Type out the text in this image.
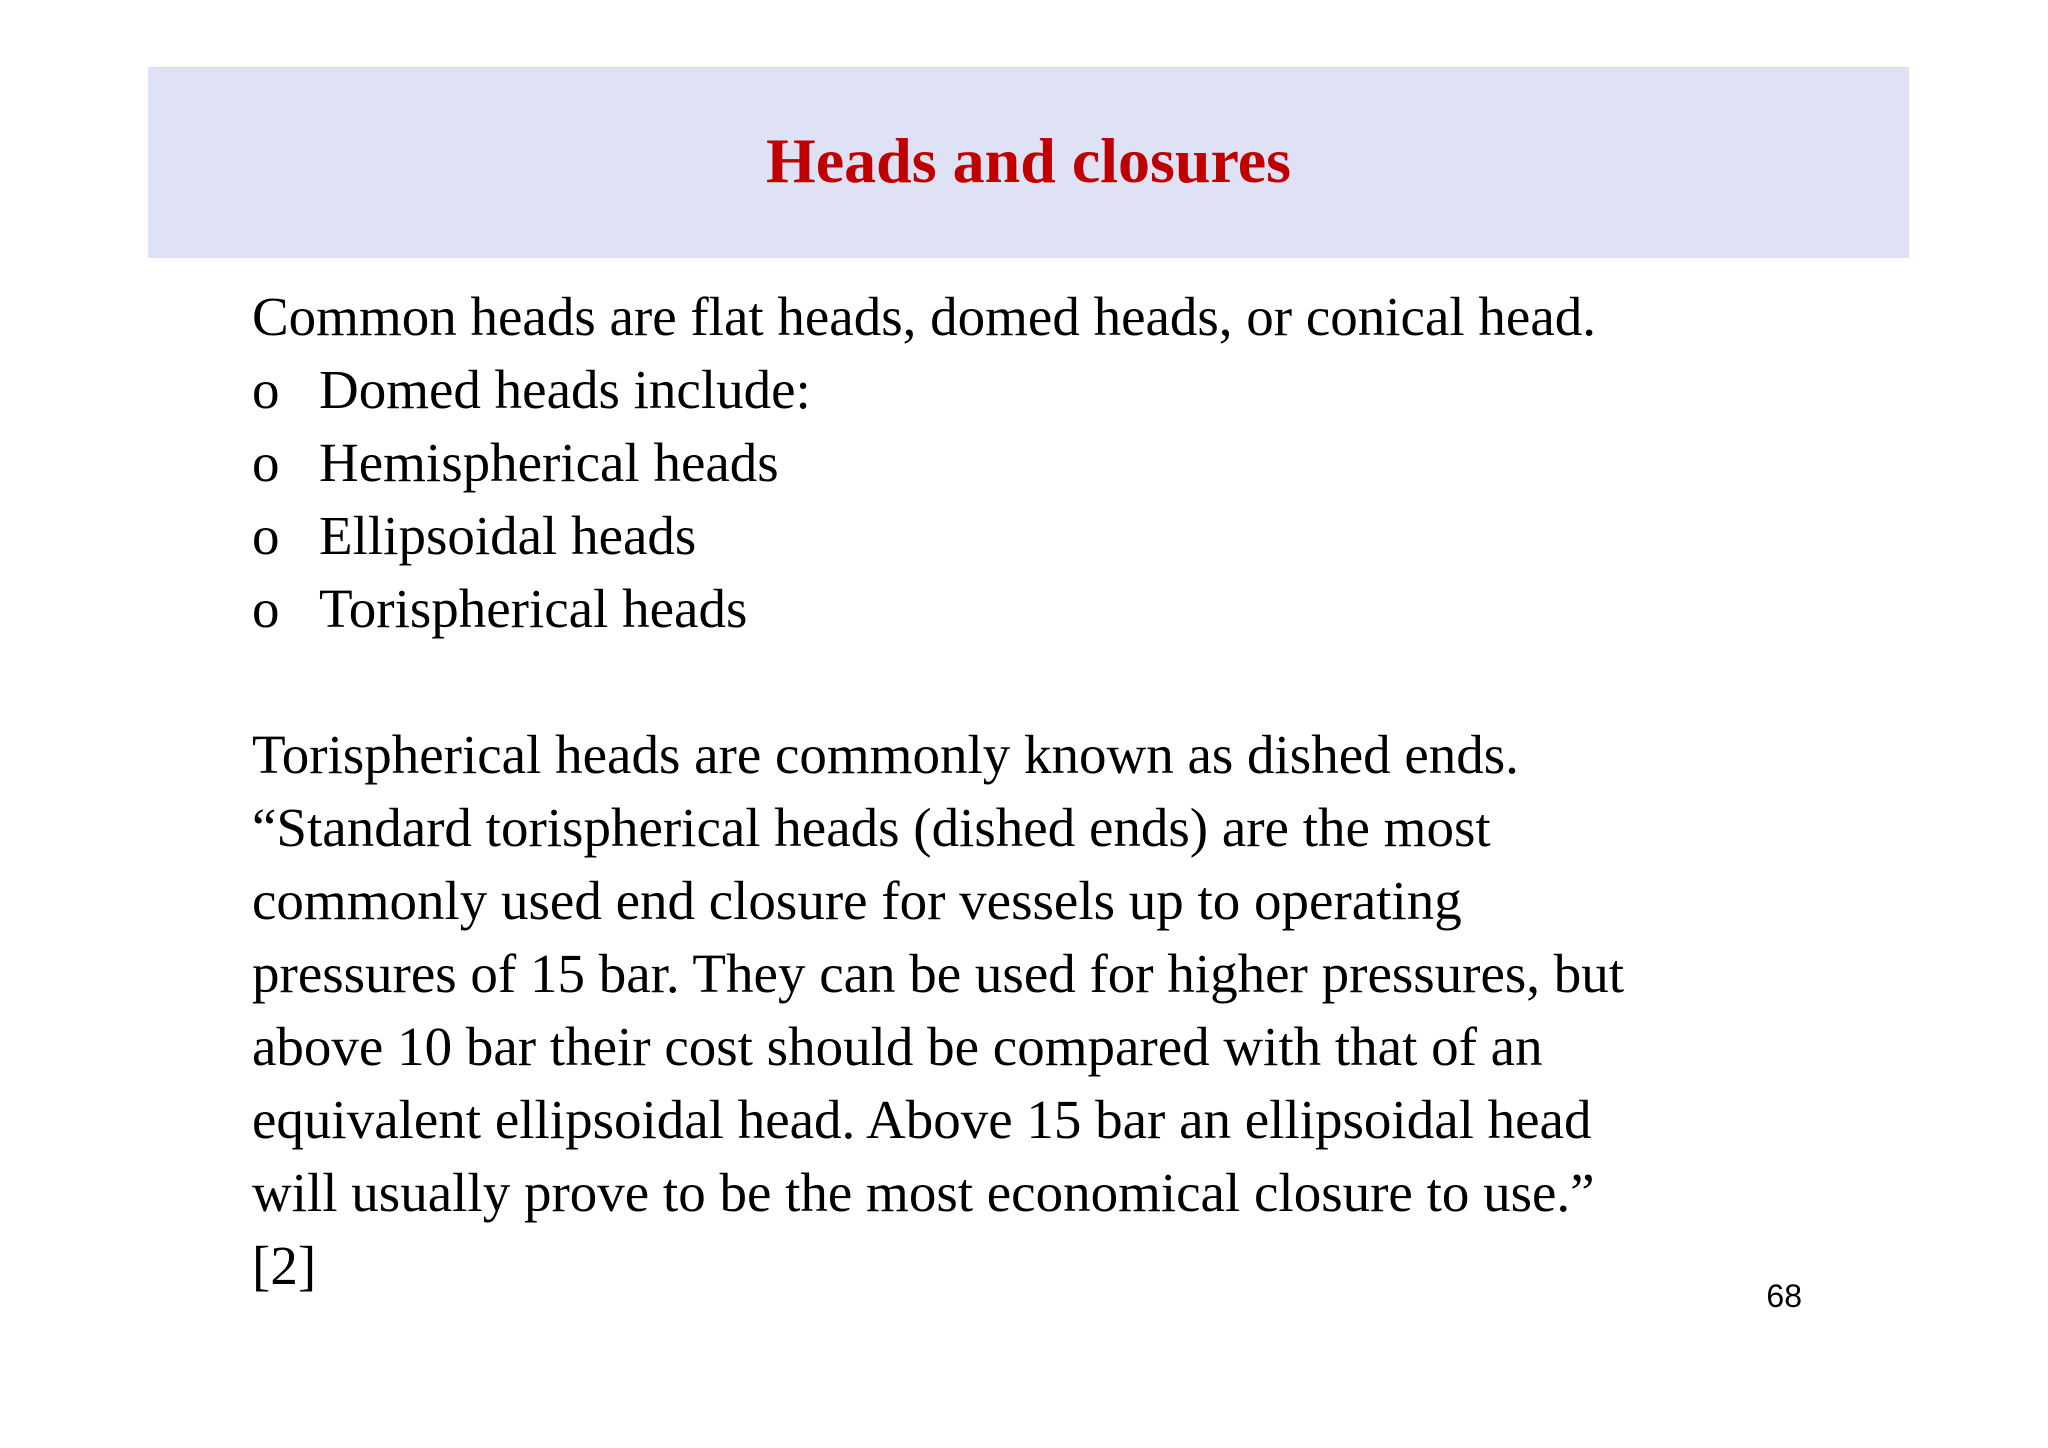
Heads and closures
Common heads are flat heads, domed heads, or conical head.
o Domed heads include:
o Hemispherical heads
o Ellipsoidal heads
o Torispherical heads
Torispherical heads are commonly known as dished ends.
“Standard torispherical heads (dished ends) are the most
commonly used end closure for vessels up to operating
pressures of 15 bar. They can be used for higher pressures, but
above 10 bar their cost should be compared with that of an
equivalent ellipsoidal head. Above 15 bar an ellipsoidal head
will usually prove to be the most economical closure to use.”
[2]	68
